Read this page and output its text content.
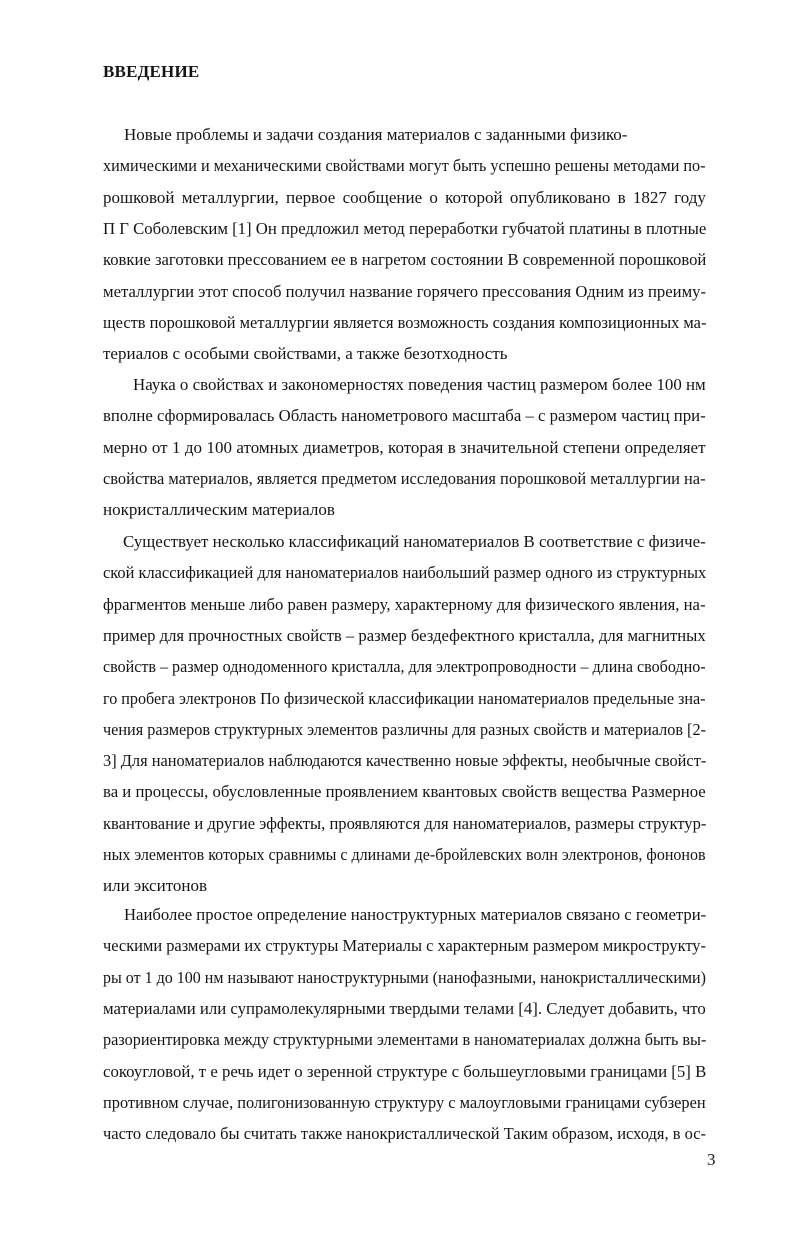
ВВЕДЕНИЕ
Новые проблемы и задачи создания материалов с заданными физико-
химическими и механическими свойствами могут быть успешно решены методами по-
рошковой металлургии, первое сообщение о которой опубликовано в 1827 году
П Г Соболевским [1] Он предложил метод переработки губчатой платины в плотные
ковкие заготовки прессованием ее в нагретом состоянии В современной порошковой
металлургии этот способ получил название горячего прессования Одним из преиму-
ществ порошковой металлургии является возможность создания композиционных ма-
териалов с особыми свойствами, а также безотходность
Наука о свойствах и закономерностях поведения частиц размером более 100 нм
вполне сформировалась Область нанометрового масштаба – с размером частиц при-
мерно от 1 до 100 атомных диаметров, которая в значительной степени определяет
свойства материалов, является предметом исследования порошковой металлургии на-
нокристаллическим материалов
Существует несколько классификаций наноматериалов В соответствие с физиче-
ской классификацией для наноматериалов наибольший размер одного из структурных
фрагментов меньше либо равен размеру, характерному для физического явления, на-
пример для прочностных свойств – размер бездефектного кристалла, для магнитных
свойств – размер однодоменного кристалла, для электропроводности – длина свободно-
го пробега электронов По физической классификации наноматериалов предельные зна-
чения размеров структурных элементов различны для разных свойств и материалов [2-
3] Для наноматериалов наблюдаются качественно новые эффекты, необычные свойст-
ва и процессы, обусловленные проявлением квантовых свойств вещества Размерное
квантование и другие эффекты, проявляются для наноматериалов, размеры структур-
ных элементов которых сравнимы с длинами де-бройлевских волн электронов, фононов
или экситонов
Наиболее простое определение наноструктурных материалов связано с геометри-
ческими размерами их структуры Материалы с характерным размером микрострукту-
ры от 1 до 100 нм называют наноструктурными (нанофазными, нанокристаллическими)
материалами или супрамолекулярными твердыми телами [4]. Следует добавить, что
разориентировка между структурными элементами в наноматериалах должна быть вы-
сокоугловой, т е речь идет о зеренной структуре с большеугловыми границами [5] В
противном случае, полигонизованную структуру с малоугловыми границами субзерен
часто следовало бы считать также нанокристаллической Таким образом, исходя, в ос-
3
